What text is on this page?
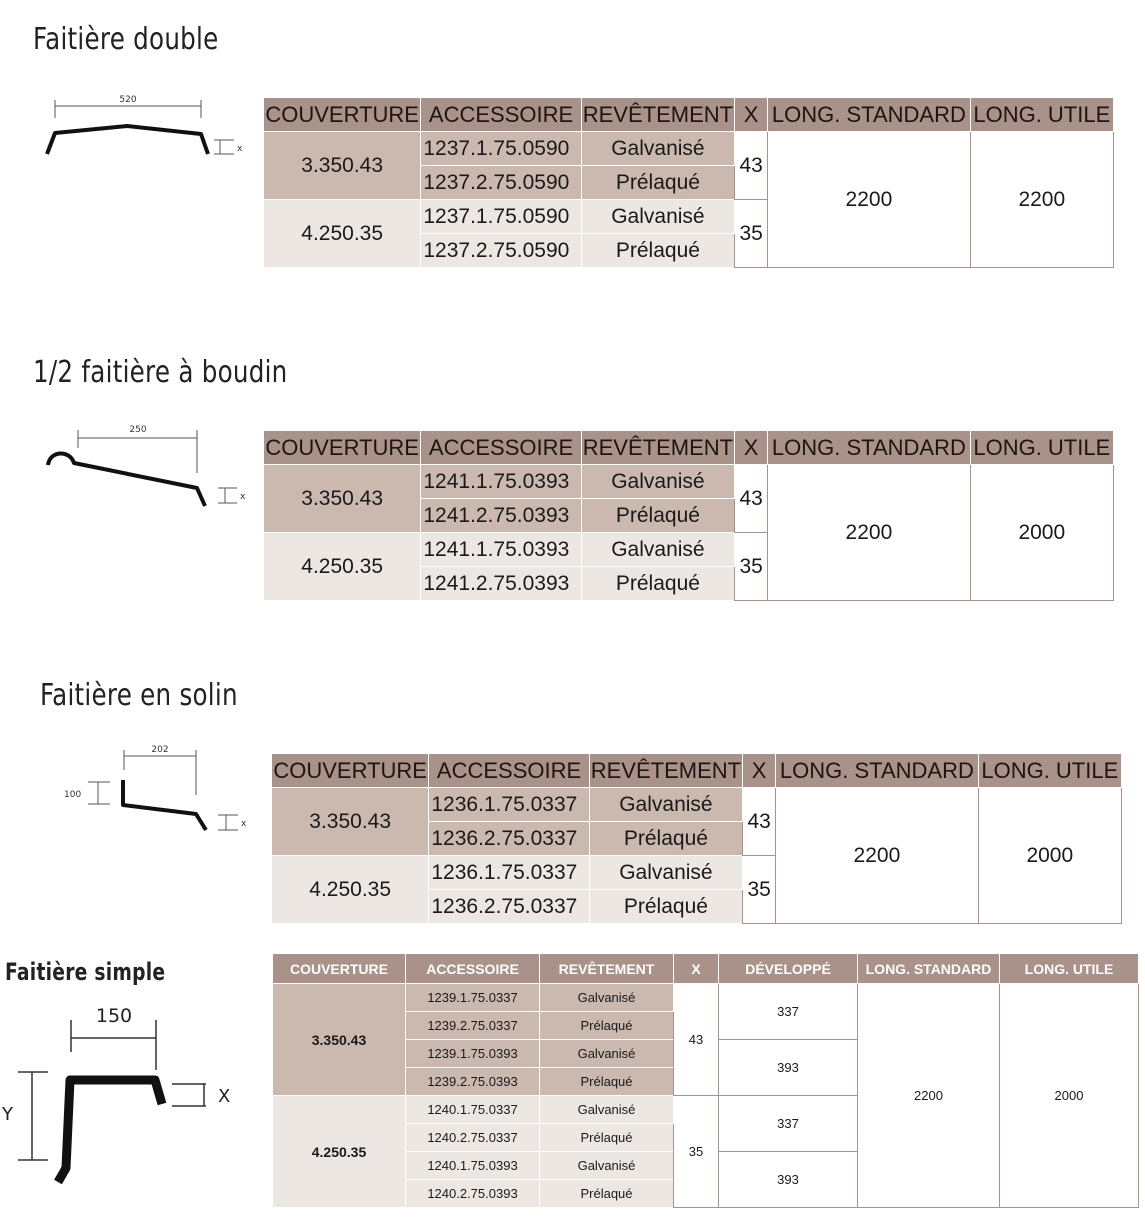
Faitière double
520
x
COUVERTURE	ACCESSOIRE	REVÊTEMENT	X	LONG. STANDARD	LONG. UTILE
3.350.43	1237.1.75.0590	Galvanisé	43	2200	2200
	1237.2.75.0590	Prélaqué			
4.250.35	1237.1.75.0590	Galvanisé	35		
	1237.2.75.0590	Prélaqué			
1/2 faitière à boudin
250
x
COUVERTURE	ACCESSOIRE	REVÊTEMENT	X	LONG. STANDARD	LONG. UTILE
3.350.43	1241.1.75.0393	Galvanisé	43	2200	2000
	1241.2.75.0393	Prélaqué			
4.250.35	1241.1.75.0393	Galvanisé	35		
	1241.2.75.0393	Prélaqué			
Faitière en solin
202
100
x
COUVERTURE	ACCESSOIRE	REVÊTEMENT	X	LONG. STANDARD	LONG. UTILE
3.350.43	1236.1.75.0337	Galvanisé	43	2200	2000
	1236.2.75.0337	Prélaqué			
4.250.35	1236.1.75.0337	Galvanisé	35		
	1236.2.75.0337	Prélaqué			
Faitière simple
150
Y
X
COUVERTURE	ACCESSOIRE	REVÊTEMENT	X	DÉVELOPPÉ	LONG. STANDARD	LONG. UTILE
3.350.43	1239.1.75.0337	Galvanisé	43	337	2200	2000
	1239.2.75.0337	Prélaqué				
	1239.1.75.0393	Galvanisé		393		
	1239.2.75.0393	Prélaqué				
4.250.35	1240.1.75.0337	Galvanisé	35	337		
	1240.2.75.0337	Prélaqué				
	1240.1.75.0393	Galvanisé		393		
	1240.2.75.0393	Prélaqué				
